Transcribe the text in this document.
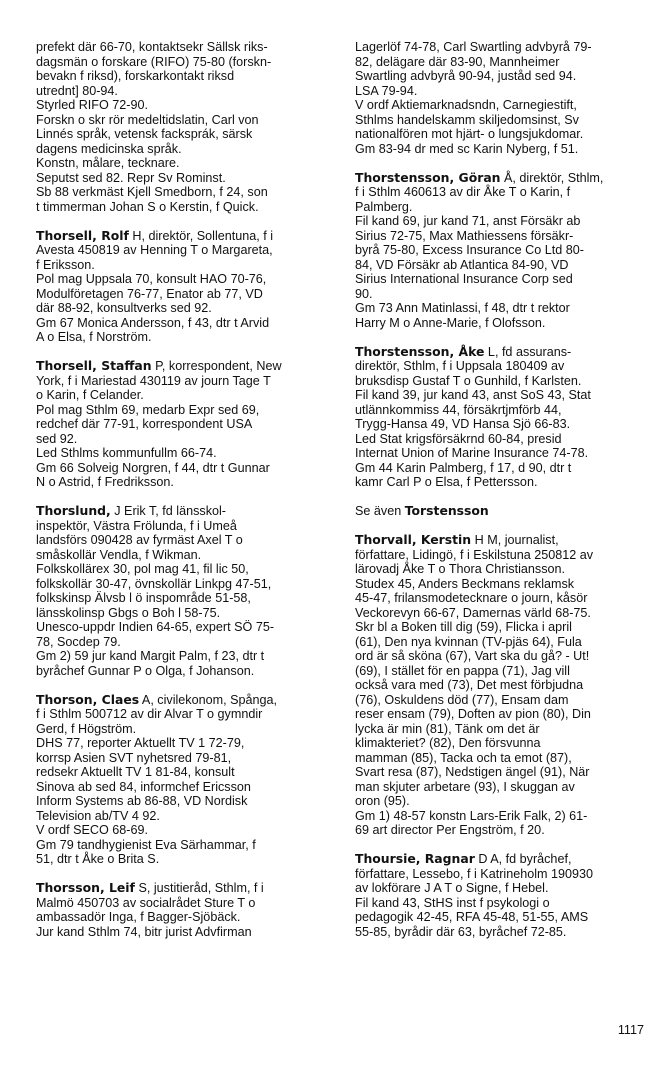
prefekt där 66-70, kontaktsekr Sällsk riks-
dagsmän o forskare (RIFO) 75-80 (forskn-
bevakn f riksd), forskarkontakt riksd
utrednt] 80-94.
Styrled RIFO 72-90.
Forskn o skr rör medeltidslatin, Carl von
Linnés språk, vetensk facksprák, särsk
dagens medicinska språk.
Konstn, målare, tecknare.
Seputst sed 82. Repr Sv Rominst.
Sb 88 verkmäst Kjell Smedborn, f 24, son
t timmerman Johan S o Kerstin, f Quick.
Thorsell, Rolf H, direktör, Sollentuna, f i
Avesta 450819 av Henning T o Margareta,
f Eriksson.
Pol mag Uppsala 70, konsult HAO 70-76,
Modulföretagen 76-77, Enator ab 77, VD
där 88-92, konsultverks sed 92.
Gm 67 Monica Andersson, f 43, dtr t Arvid
A o Elsa, f Norström.
Thorsell, Staffan P, korrespondent, New
York, f i Mariestad 430119 av journ Tage T
o Karin, f Celander.
Pol mag Sthlm 69, medarb Expr sed 69,
redchef där 77-91, korrespondent USA
sed 92.
Led Sthlms kommunfullm 66-74.
Gm 66 Solveig Norgren, f 44, dtr t Gunnar
N o Astrid, f Fredriksson.
Thorslund, J Erik T, fd länsskol-
inspektör, Västra Frölunda, f i Umeå
landsförs 090428 av fyrmäst Axel T o
småskollär Vendla, f Wikman.
Folkskollärex 30, pol mag 41, fil lic 50,
folkskollär 30-47, övnskollär Linkpg 47-51,
folkskinsp Älvsb l ö inspområde 51-58,
länsskolinsp Gbgs o Boh l 58-75.
Unesco-uppdr Indien 64-65, expert SÖ 75-
78, Socdep 79.
Gm 2) 59 jur kand Margit Palm, f 23, dtr t
byråchef Gunnar P o Olga, f Johanson.
Thorson, Claes A, civilekonom, Spånga,
f i Sthlm 500712 av dir Alvar T o gymndir
Gerd, f Högström.
DHS 77, reporter Aktuellt TV 1 72-79,
korrsp Asien SVT nyhetsred 79-81,
redsekr Aktuellt TV 1 81-84, konsult
Sinova ab sed 84, informchef Ericsson
Inform Systems ab 86-88, VD Nordisk
Television ab/TV 4 92.
V ordf SECO 68-69.
Gm 79 tandhygienist Eva Särhammar, f
51, dtr t Åke o Brita S.
Thorsson, Leif S, justitieråd, Sthlm, f i
Malmö 450703 av socialrådet Sture T o
ambassadör Inga, f Bagger-Sjöbäck.
Jur kand Sthlm 74, bitr jurist Advfirman
Lagerlöf 74-78, Carl Swartling advbyrå 79-
82, delägare där 83-90, Mannheimer
Swartling advbyrå 90-94, juståd sed 94.
LSA 79-94.
V ordf Aktiemarknadsndn, Carnegiestift,
Sthlms handelskamm skiljedomsinst, Sv
nationalfören mot hjärt- o lungsjukdomar.
Gm 83-94 dr med sc Karin Nyberg, f 51.
Thorstensson, Göran Å, direktör, Sthlm,
f i Sthlm 460613 av dir Åke T o Karin, f
Palmberg.
Fil kand 69, jur kand 71, anst Försäkr ab
Sirius 72-75, Max Mathiessens försäkr-
byrå 75-80, Excess Insurance Co Ltd 80-
84, VD Försäkr ab Atlantica 84-90, VD
Sirius International Insurance Corp sed
90.
Gm 73 Ann Matinlassi, f 48, dtr t rektor
Harry M o Anne-Marie, f Olofsson.
Thorstensson, Åke L, fd assurans-
direktör, Sthlm, f i Uppsala 180409 av
bruksdisp Gustaf T o Gunhild, f Karlsten.
Fil kand 39, jur kand 43, anst SoS 43, Stat
utlännkommiss 44, försäkrtjmförb 44,
Trygg-Hansa 49, VD Hansa Sjö 66-83.
Led Stat krigsförsäkrnd 60-84, presid
Internat Union of Marine Insurance 74-78.
Gm 44 Karin Palmberg, f 17, d 90, dtr t
kamr Carl P o Elsa, f Pettersson.
Se även Torstensson
Thorvall, Kerstin H M, journalist,
författare, Lidingö, f i Eskilstuna 250812 av
lärovadj Åke T o Thora Christiansson.
Studex 45, Anders Beckmans reklamsk
45-47, frilansmodetecknare o journ, kåsör
Veckorevyn 66-67, Damernas värld 68-75.
Skr bl a Boken till dig (59), Flicka i april
(61), Den nya kvinnan (TV-pjäs 64), Fula
ord är så sköna (67), Vart ska du gå? - Ut!
(69), I stället för en pappa (71), Jag vill
också vara med (73), Det mest förbjudna
(76), Oskuldens död (77), Ensam dam
reser ensam (79), Doften av pion (80), Din
lycka är min (81), Tänk om det är
klimakteriet? (82), Den försvunna
mamman (85), Tacka och ta emot (87),
Svart resa (87), Nedstigen ängel (91), När
man skjuter arbetare (93), I skuggan av
oron (95).
Gm 1) 48-57 konstn Lars-Erik Falk, 2) 61-
69 art director Per Engström, f 20.
Thoursie, Ragnar D A, fd byråchef,
författare, Lessebo, f i Katrineholm 190930
av lokförare J A T o Signe, f Hebel.
Fil kand 43, StHS inst f psykologi o
pedagogik 42-45, RFA 45-48, 51-55, AMS
55-85, byrådir där 63, byråchef 72-85.
1117
